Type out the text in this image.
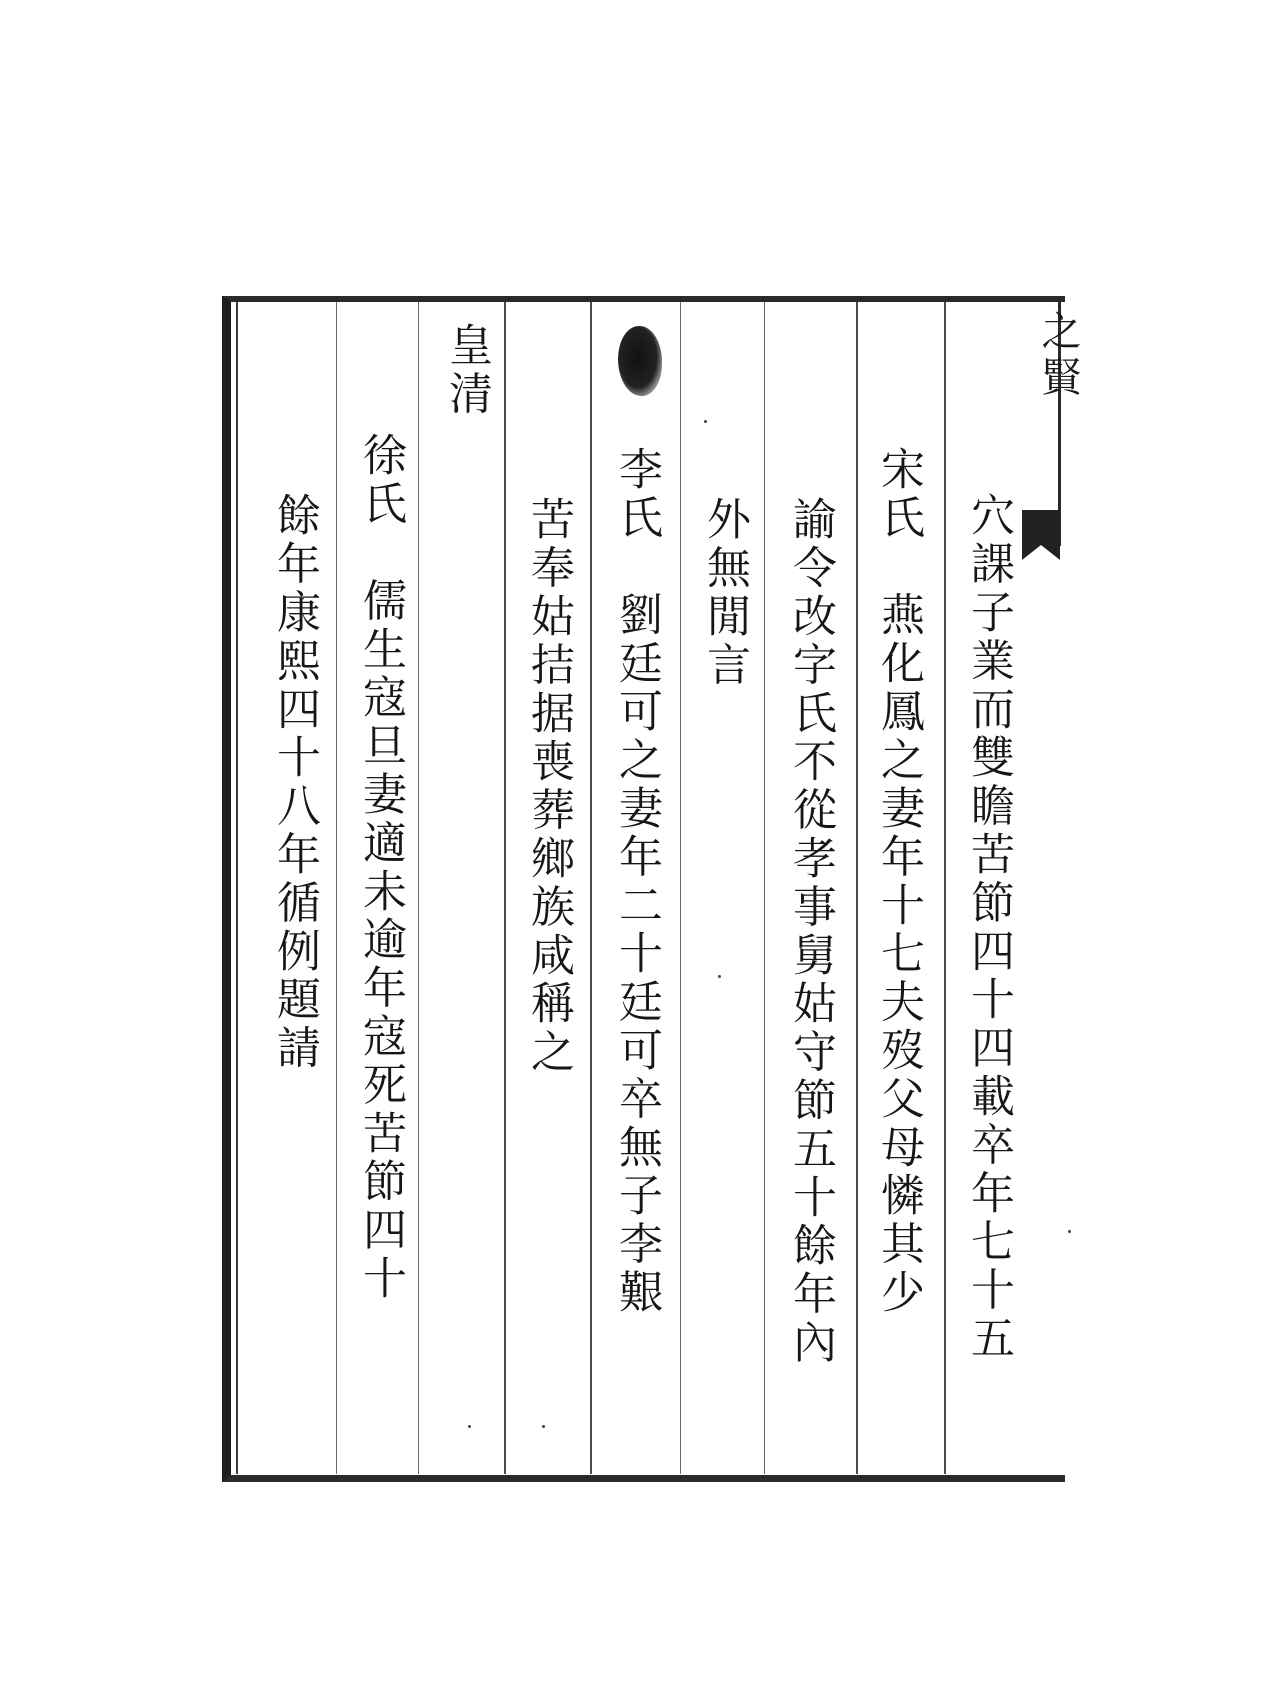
之賢
穴課子業而雙瞻苦節四十四載卒年七十五
宋氏　燕化鳳之妻年十七夫歿父母憐其少
諭令改字氏不從孝事舅姑守節五十餘年內
外無閒言
李氏　劉廷可之妻年二十廷可卒無子李艱
苦奉姑拮据喪葬鄉族咸稱之
皇清
徐氏　儒生寇旦妻適未逾年寇死苦節四十
餘年康熙四十八年循例題請
